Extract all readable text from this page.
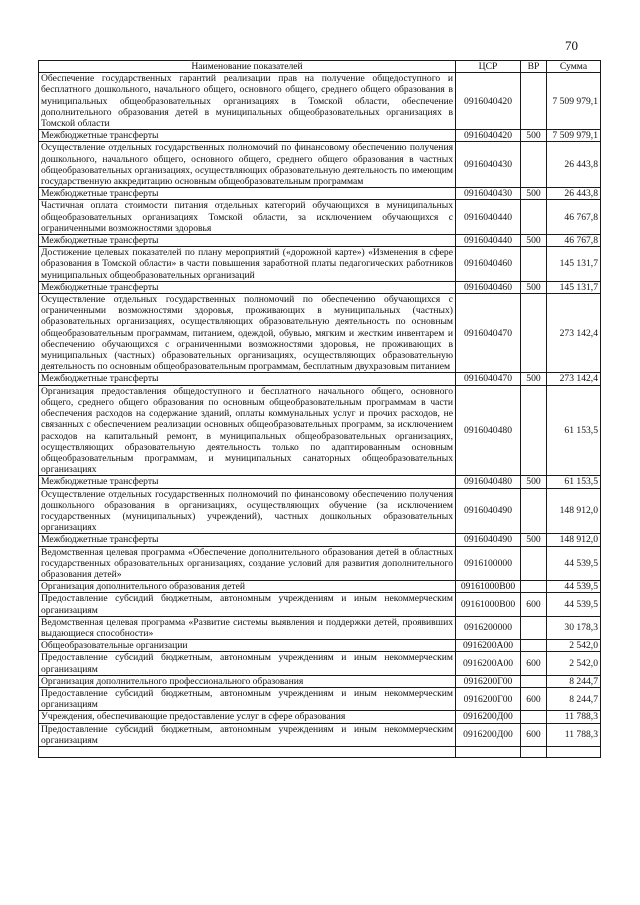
70
Наименование показателей	ЦСР	ВР	Сумма
Обеспечение государственных гарантий реализации прав на получение общедоступного и бесплатного дошкольного, начального общего, основного общего, среднего общего образования в муниципальных общеобразовательных организациях в Томской области, обеспечение дополнительного образования детей в муниципальных общеобразовательных организациях в Томской области	0916040420		7 509 979,1
Межбюджетные трансферты	0916040420	500	7 509 979,1
Осуществление отдельных государственных полномочий по финансовому обеспечению получения дошкольного, начального общего, основного общего, среднего общего образования в частных общеобразовательных организациях, осуществляющих образовательную деятельность по имеющим государственную аккредитацию основным общеобразовательным программам	0916040430		26 443,8
Межбюджетные трансферты	0916040430	500	26 443,8
Частичная оплата стоимости питания отдельных категорий обучающихся в муниципальных общеобразовательных организациях Томской области, за исключением обучающихся с ограниченными возможностями здоровья	0916040440		46 767,8
Межбюджетные трансферты	0916040440	500	46 767,8
Достижение целевых показателей по плану мероприятий («дорожной карте») «Изменения в сфере образования в Томской области» в части повышения заработной платы педагогических работников муниципальных общеобразовательных организаций	0916040460		145 131,7
Межбюджетные трансферты	0916040460	500	145 131,7
Осуществление отдельных государственных полномочий по обеспечению обучающихся с ограниченными возможностями здоровья, проживающих в муниципальных (частных) образовательных организациях, осуществляющих образовательную деятельность по основным общеобразовательным программам, питанием, одеждой, обувью, мягким и жестким инвентарем и обеспечению обучающихся с ограниченными возможностями здоровья, не проживающих в муниципальных (частных) образовательных организациях, осуществляющих образовательную деятельность по основным общеобразовательным программам, бесплатным двухразовым питанием	0916040470		273 142,4
Межбюджетные трансферты	0916040470	500	273 142,4
Организация предоставления общедоступного и бесплатного начального общего, основного общего, среднего общего образования по основным общеобразовательным программам в части обеспечения расходов на содержание зданий, оплаты коммунальных услуг и прочих расходов, не связанных с обеспечением реализации основных общеобразовательных программ, за исключением расходов на капитальный ремонт, в муниципальных общеобразовательных организациях, осуществляющих образовательную деятельность только по адаптированным основным общеобразовательным программам, и муниципальных санаторных общеобразовательных организациях	0916040480		61 153,5
Межбюджетные трансферты	0916040480	500	61 153,5
Осуществление отдельных государственных полномочий по финансовому обеспечению получения дошкольного образования в организациях, осуществляющих обучение (за исключением государственных (муниципальных) учреждений), частных дошкольных образовательных организациях	0916040490		148 912,0
Межбюджетные трансферты	0916040490	500	148 912,0
Ведомственная целевая программа «Обеспечение дополнительного образования детей в областных государственных образовательных организациях, создание условий для развития дополнительного образования детей»	0916100000		44 539,5
Организация дополнительного образования детей	09161000В00		44 539,5
Предоставление субсидий бюджетным, автономным учреждениям и иным некоммерческим организациям	09161000В00	600	44 539,5
Ведомственная целевая программа «Развитие системы выявления и поддержки детей, проявивших выдающиеся способности»	0916200000		30 178,3
Общеобразовательные организации	0916200А00		2 542,0
Предоставление субсидий бюджетным, автономным учреждениям и иным некоммерческим организациям	0916200А00	600	2 542,0
Организация дополнительного профессионального образования	0916200Г00		8 244,7
Предоставление субсидий бюджетным, автономным учреждениям и иным некоммерческим организациям	0916200Г00	600	8 244,7
Учреждения, обеспечивающие предоставление услуг в сфере образования	0916200Д00		11 788,3
Предоставление субсидий бюджетным, автономным учреждениям и иным некоммерческим организациям	0916200Д00	600	11 788,3
